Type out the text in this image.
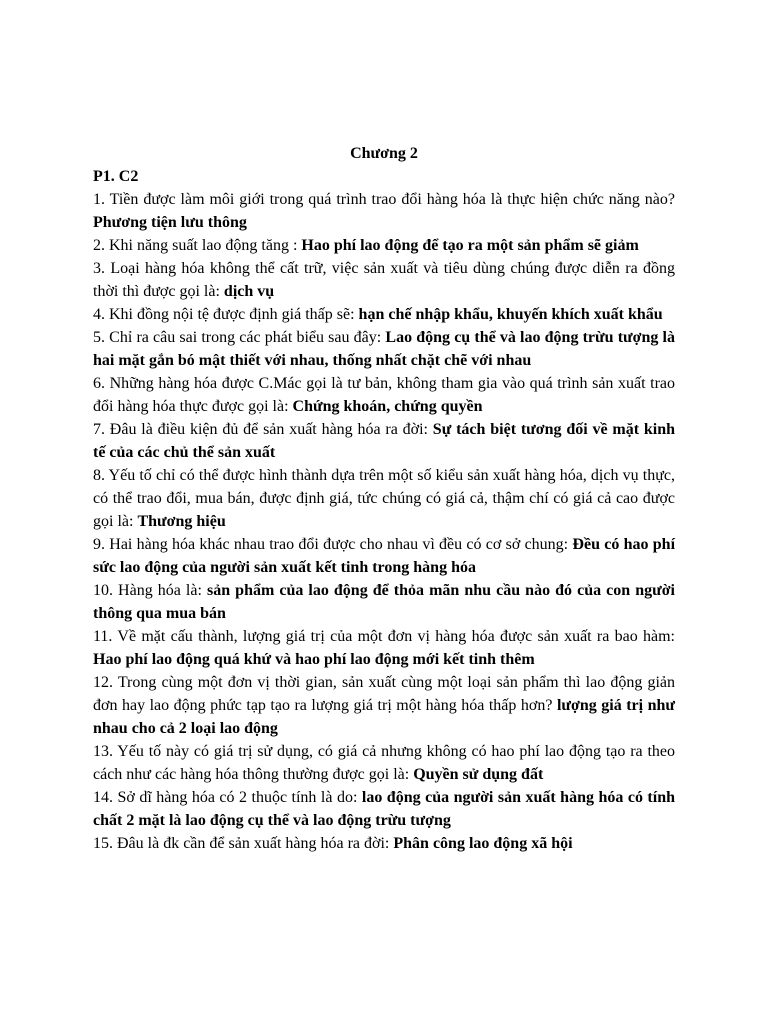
Chương 2

P1. C2

1. Tiền được làm môi giới trong quá trình trao đổi hàng hóa là thực hiện chức năng nào? Phương tiện lưu thông

2. Khi năng suất lao động tăng : Hao phí lao động để tạo ra một sản phẩm sẽ giảm

3. Loại hàng hóa không thể cất trữ, việc sản xuất và tiêu dùng chúng được diễn ra đồng thời thì được gọi là: dịch vụ

4. Khi đồng nội tệ được định giá thấp sẽ: hạn chế nhập khẩu, khuyến khích xuất khẩu

5. Chỉ ra câu sai trong các phát biểu sau đây: Lao động cụ thể và lao động trừu tượng là hai mặt gắn bó mật thiết với nhau, thống nhất chặt chẽ với nhau

6. Những hàng hóa được C.Mác gọi là tư bản, không tham gia vào quá trình sản xuất trao đổi hàng hóa thực được gọi là: Chứng khoán, chứng quyền

7. Đâu là điều kiện đủ để sản xuất hàng hóa ra đời: Sự tách biệt tương đối về mặt kinh tế của các chủ thể sản xuất

8. Yếu tố chỉ có thể được hình thành dựa trên một số kiểu sản xuất hàng hóa, dịch vụ thực, có thể trao đổi, mua bán, được định giá, tức chúng có giá cả, thậm chí có giá cả cao được gọi là: Thương hiệu

9. Hai hàng hóa khác nhau trao đổi được cho nhau vì đều có cơ sở chung: Đều có hao phí sức lao động của người sản xuất kết tinh trong hàng hóa

10. Hàng hóa là: sản phẩm của lao động để thỏa mãn nhu cầu nào đó của con người thông qua mua bán

11. Về mặt cấu thành, lượng giá trị của một đơn vị hàng hóa được sản xuất ra bao hàm: Hao phí lao động quá khứ và hao phí lao động mới kết tinh thêm

12. Trong cùng một đơn vị thời gian, sản xuất cùng một loại sản phẩm thì lao động giản đơn hay lao động phức tạp tạo ra lượng giá trị một hàng hóa thấp hơn? lượng giá trị như nhau cho cả 2 loại lao động

13. Yếu tố này có giá trị sử dụng, có giá cả nhưng không có hao phí lao động tạo ra theo cách như các hàng hóa thông thường được gọi là: Quyền sử dụng đất

14. Sở dĩ hàng hóa có 2 thuộc tính là do: lao động của người sản xuất hàng hóa có tính chất 2 mặt là lao động cụ thể và lao động trừu tượng

15. Đâu là đk cần để sản xuất hàng hóa ra đời: Phân công lao động xã hội
